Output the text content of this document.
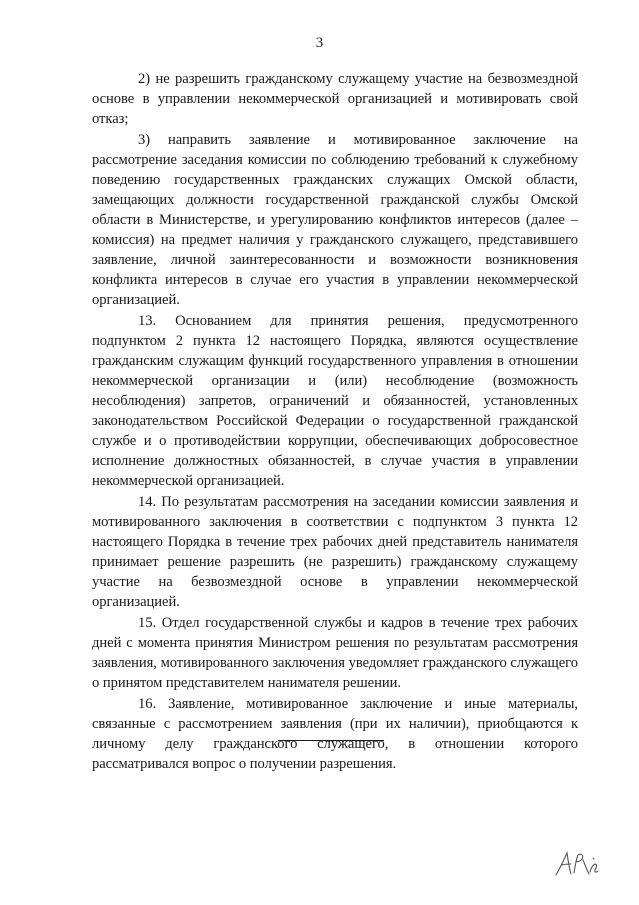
3

2) не разрешить гражданскому служащему участие на безвозмездной основе в управлении некоммерческой организацией и мотивировать свой отказ;

3) направить заявление и мотивированное заключение на рассмотрение заседания комиссии по соблюдению требований к служебному поведению государственных гражданских служащих Омской области, замещающих должности государственной гражданской службы Омской области в Министерстве, и урегулированию конфликтов интересов (далее – комиссия) на предмет наличия у гражданского служащего, представившего заявление, личной заинтересованности и возможности возникновения конфликта интересов в случае его участия в управлении некоммерческой организацией.

13. Основанием для принятия решения, предусмотренного подпунктом 2 пункта 12 настоящего Порядка, являются осуществление гражданским служащим функций государственного управления в отношении некоммерческой организации и (или) несоблюдение (возможность несоблюдения) запретов, ограничений и обязанностей, установленных законодательством Российской Федерации о государственной гражданской службе и о противодействии коррупции, обеспечивающих добросовестное исполнение должностных обязанностей, в случае участия в управлении некоммерческой организацией.

14. По результатам рассмотрения на заседании комиссии заявления и мотивированного заключения в соответствии с подпунктом 3 пункта 12 настоящего Порядка в течение трех рабочих дней представитель нанимателя принимает решение разрешить (не разрешить) гражданскому служащему участие на безвозмездной основе в управлении некоммерческой организацией.

15. Отдел государственной службы и кадров в течение трех рабочих дней с момента принятия Министром решения по результатам рассмотрения заявления, мотивированного заключения уведомляет гражданского служащего о принятом представителем нанимателя решении.

16. Заявление, мотивированное заключение и иные материалы, связанные с рассмотрением заявления (при их наличии), приобщаются к личному делу гражданского служащего, в отношении которого рассматривался вопрос о получении разрешения.
